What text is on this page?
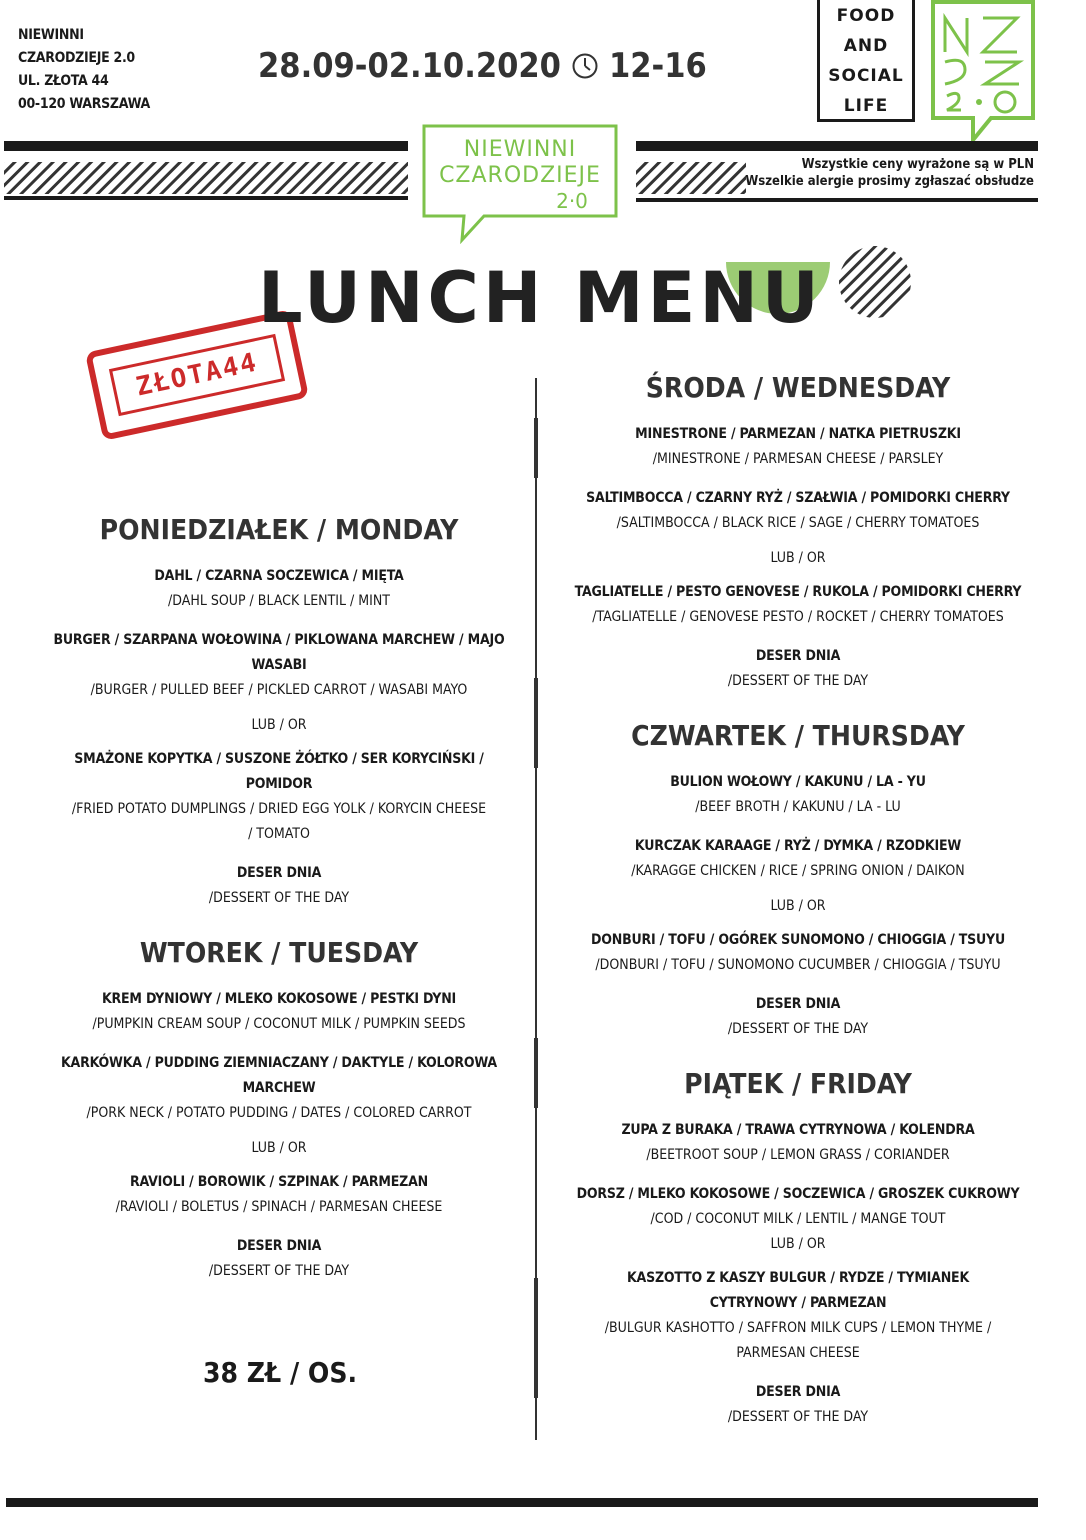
NIEWINNI
CZARODZIEJE 2.0
UL. ZŁOTA 44
00-120 WARSZAWA
28.09-02.10.2020 12-16
FOOD
AND
SOCIAL
LIFE
NIEWINNI
CZARODZIEJE
2·0
Wszystkie ceny wyrażone są w PLN
Wszelkie alergie prosimy zgłaszać obsłudze
LUNCH MENU
ZŁOTA44
PONIEDZIAŁEK / MONDAY
DAHL / CZARNA SOCZEWICA / MIĘTA
/DAHL SOUP / BLACK LENTIL / MINT
BURGER / SZARPANA WOŁOWINA / PIKLOWANA MARCHEW / MAJO WASABI
/BURGER / PULLED BEEF / PICKLED CARROT / WASABI MAYO
LUB / OR
SMAŻONE KOPYTKA / SUSZONE ŻÓŁTKO / SER KORYCIŃSKI / POMIDOR
/FRIED POTATO DUMPLINGS / DRIED EGG YOLK / KORYCIN CHEESE / TOMATO
DESER DNIA
/DESSERT OF THE DAY
WTOREK / TUESDAY
KREM DYNIOWY / MLEKO KOKOSOWE / PESTKI DYNI
/PUMPKIN CREAM SOUP / COCONUT MILK / PUMPKIN SEEDS
KARKÓWKA / PUDDING ZIEMNIACZANY / DAKTYLE / KOLOROWA MARCHEW
/PORK NECK / POTATO PUDDING / DATES / COLORED CARROT
LUB / OR
RAVIOLI / BOROWIK / SZPINAK / PARMEZAN
/RAVIOLI / BOLETUS / SPINACH / PARMESAN CHEESE
DESER DNIA
/DESSERT OF THE DAY
38 ZŁ / OS.
ŚRODA / WEDNESDAY
MINESTRONE / PARMEZAN / NATKA PIETRUSZKI
/MINESTRONE / PARMESAN CHEESE / PARSLEY
SALTIMBOCCA / CZARNY RYŻ / SZAŁWIA / POMIDORKI CHERRY
/SALTIMBOCCA / BLACK RICE / SAGE / CHERRY TOMATOES
LUB / OR
TAGLIATELLE / PESTO GENOVESE / RUKOLA / POMIDORKI CHERRY
/TAGLIATELLE / GENOVESE PESTO / ROCKET / CHERRY TOMATOES
DESER DNIA
/DESSERT OF THE DAY
CZWARTEK / THURSDAY
BULION WOŁOWY / KAKUNU / LA - YU
/BEEF BROTH / KAKUNU / LA - LU
KURCZAK KARAAGE / RYŻ / DYMKA / RZODKIEW
/KARAGGE CHICKEN / RICE / SPRING ONION / DAIKON
LUB / OR
DONBURI / TOFU / OGÓREK SUNOMONO / CHIOGGIA / TSUYU
/DONBURI / TOFU / SUNOMONO CUCUMBER / CHIOGGIA / TSUYU
DESER DNIA
/DESSERT OF THE DAY
PIĄTEK / FRIDAY
ZUPA Z BURAKA / TRAWA CYTRYNOWA / KOLENDRA
/BEETROOT SOUP / LEMON GRASS / CORIANDER
DORSZ / MLEKO KOKOSOWE / SOCZEWICA / GROSZEK CUKROWY
/COD / COCONUT MILK / LENTIL / MANGE TOUT
LUB / OR
KASZOTTO Z KASZY BULGUR / RYDZE / TYMIANEK CYTRYNOWY / PARMEZAN
/BULGUR KASHOTTO / SAFFRON MILK CUPS / LEMON THYME / PARMESAN CHEESE
DESER DNIA
/DESSERT OF THE DAY
